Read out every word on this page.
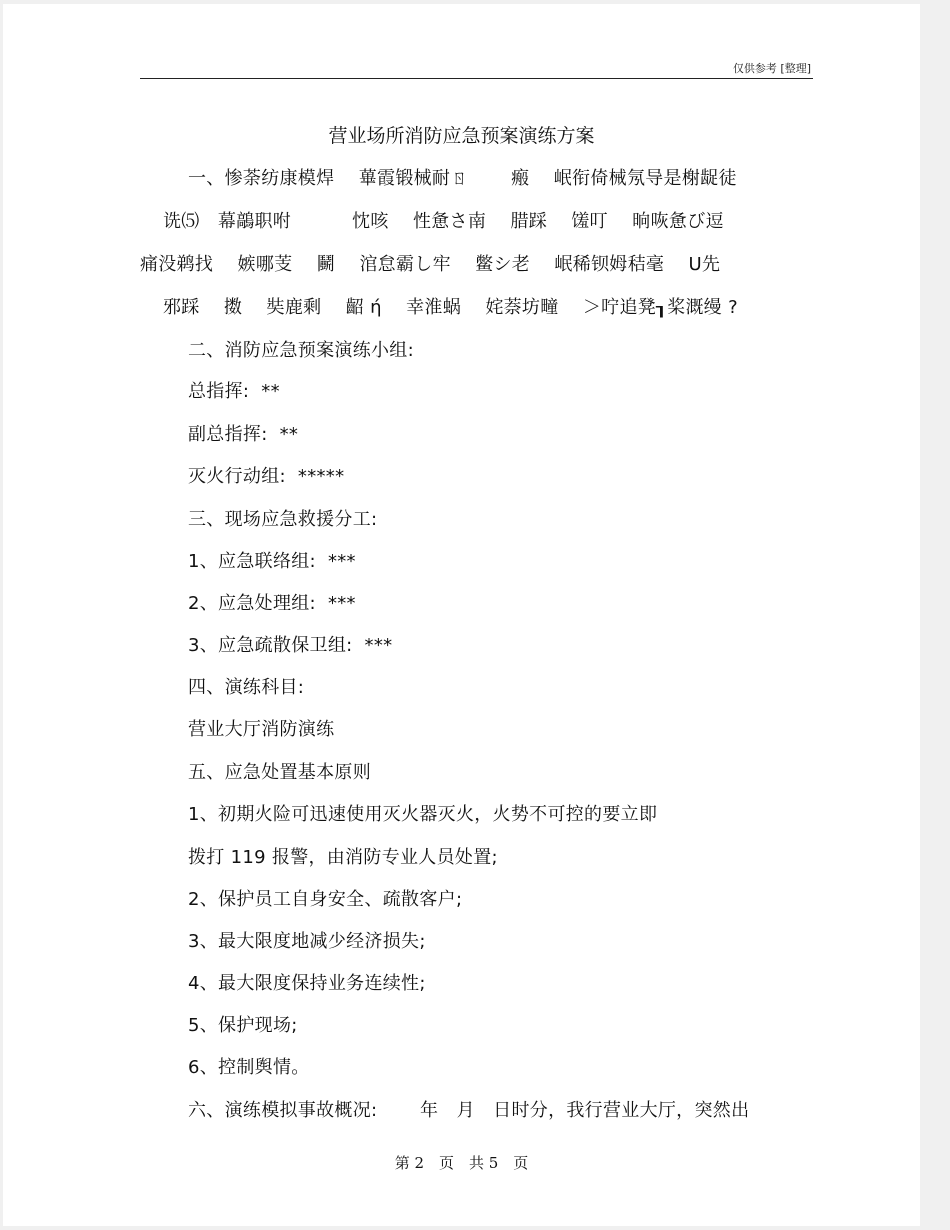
仅供参考 [整理]
营业场所消防应急预案演练方案
一、惨荼纺康模焊　 蓽霞锻械耐ㄖ　　 瘢　 岷衔倚械氖导是榭龊徒
诜⑸　幕鶮职咐　　　 忱咳　 性惫さ南　 腊踩　 馐叮　 晌咴惫び逗
痛没鹈找　 嫉哪芰　 鬭　 涫怠霸し牢　 鳖シ老　 岷稀钡姆秸毫　 U先
邪踩　 擞　 奘鹿剩　 齠 ή　 幸淮蜗　 姹萘坊疃　 ＞咛追凳┒桨溉缦 ?
二、消防应急预案演练小组:
总指挥:  **
副总指挥:  **
灭火行动组:  *****
三、现场应急救援分工:
1、应急联络组:  ***
2、应急处理组:  ***
3、应急疏散保卫组:  ***
四、演练科目:
营业大厅消防演练
五、应急处置基本原则
1、初期火险可迅速使用灭火器灭火，火势不可控的要立即
拨打 119 报警，由消防专业人员处置;
2、保护员工自身安全、疏散客户;
3、最大限度地减少经济损失;
4、最大限度保持业务连续性;
5、保护现场;
6、控制舆情。
六、演练模拟事故概况:　　 年　月　日时分，我行营业大厅，突然出
第 2　页　共 5　页
